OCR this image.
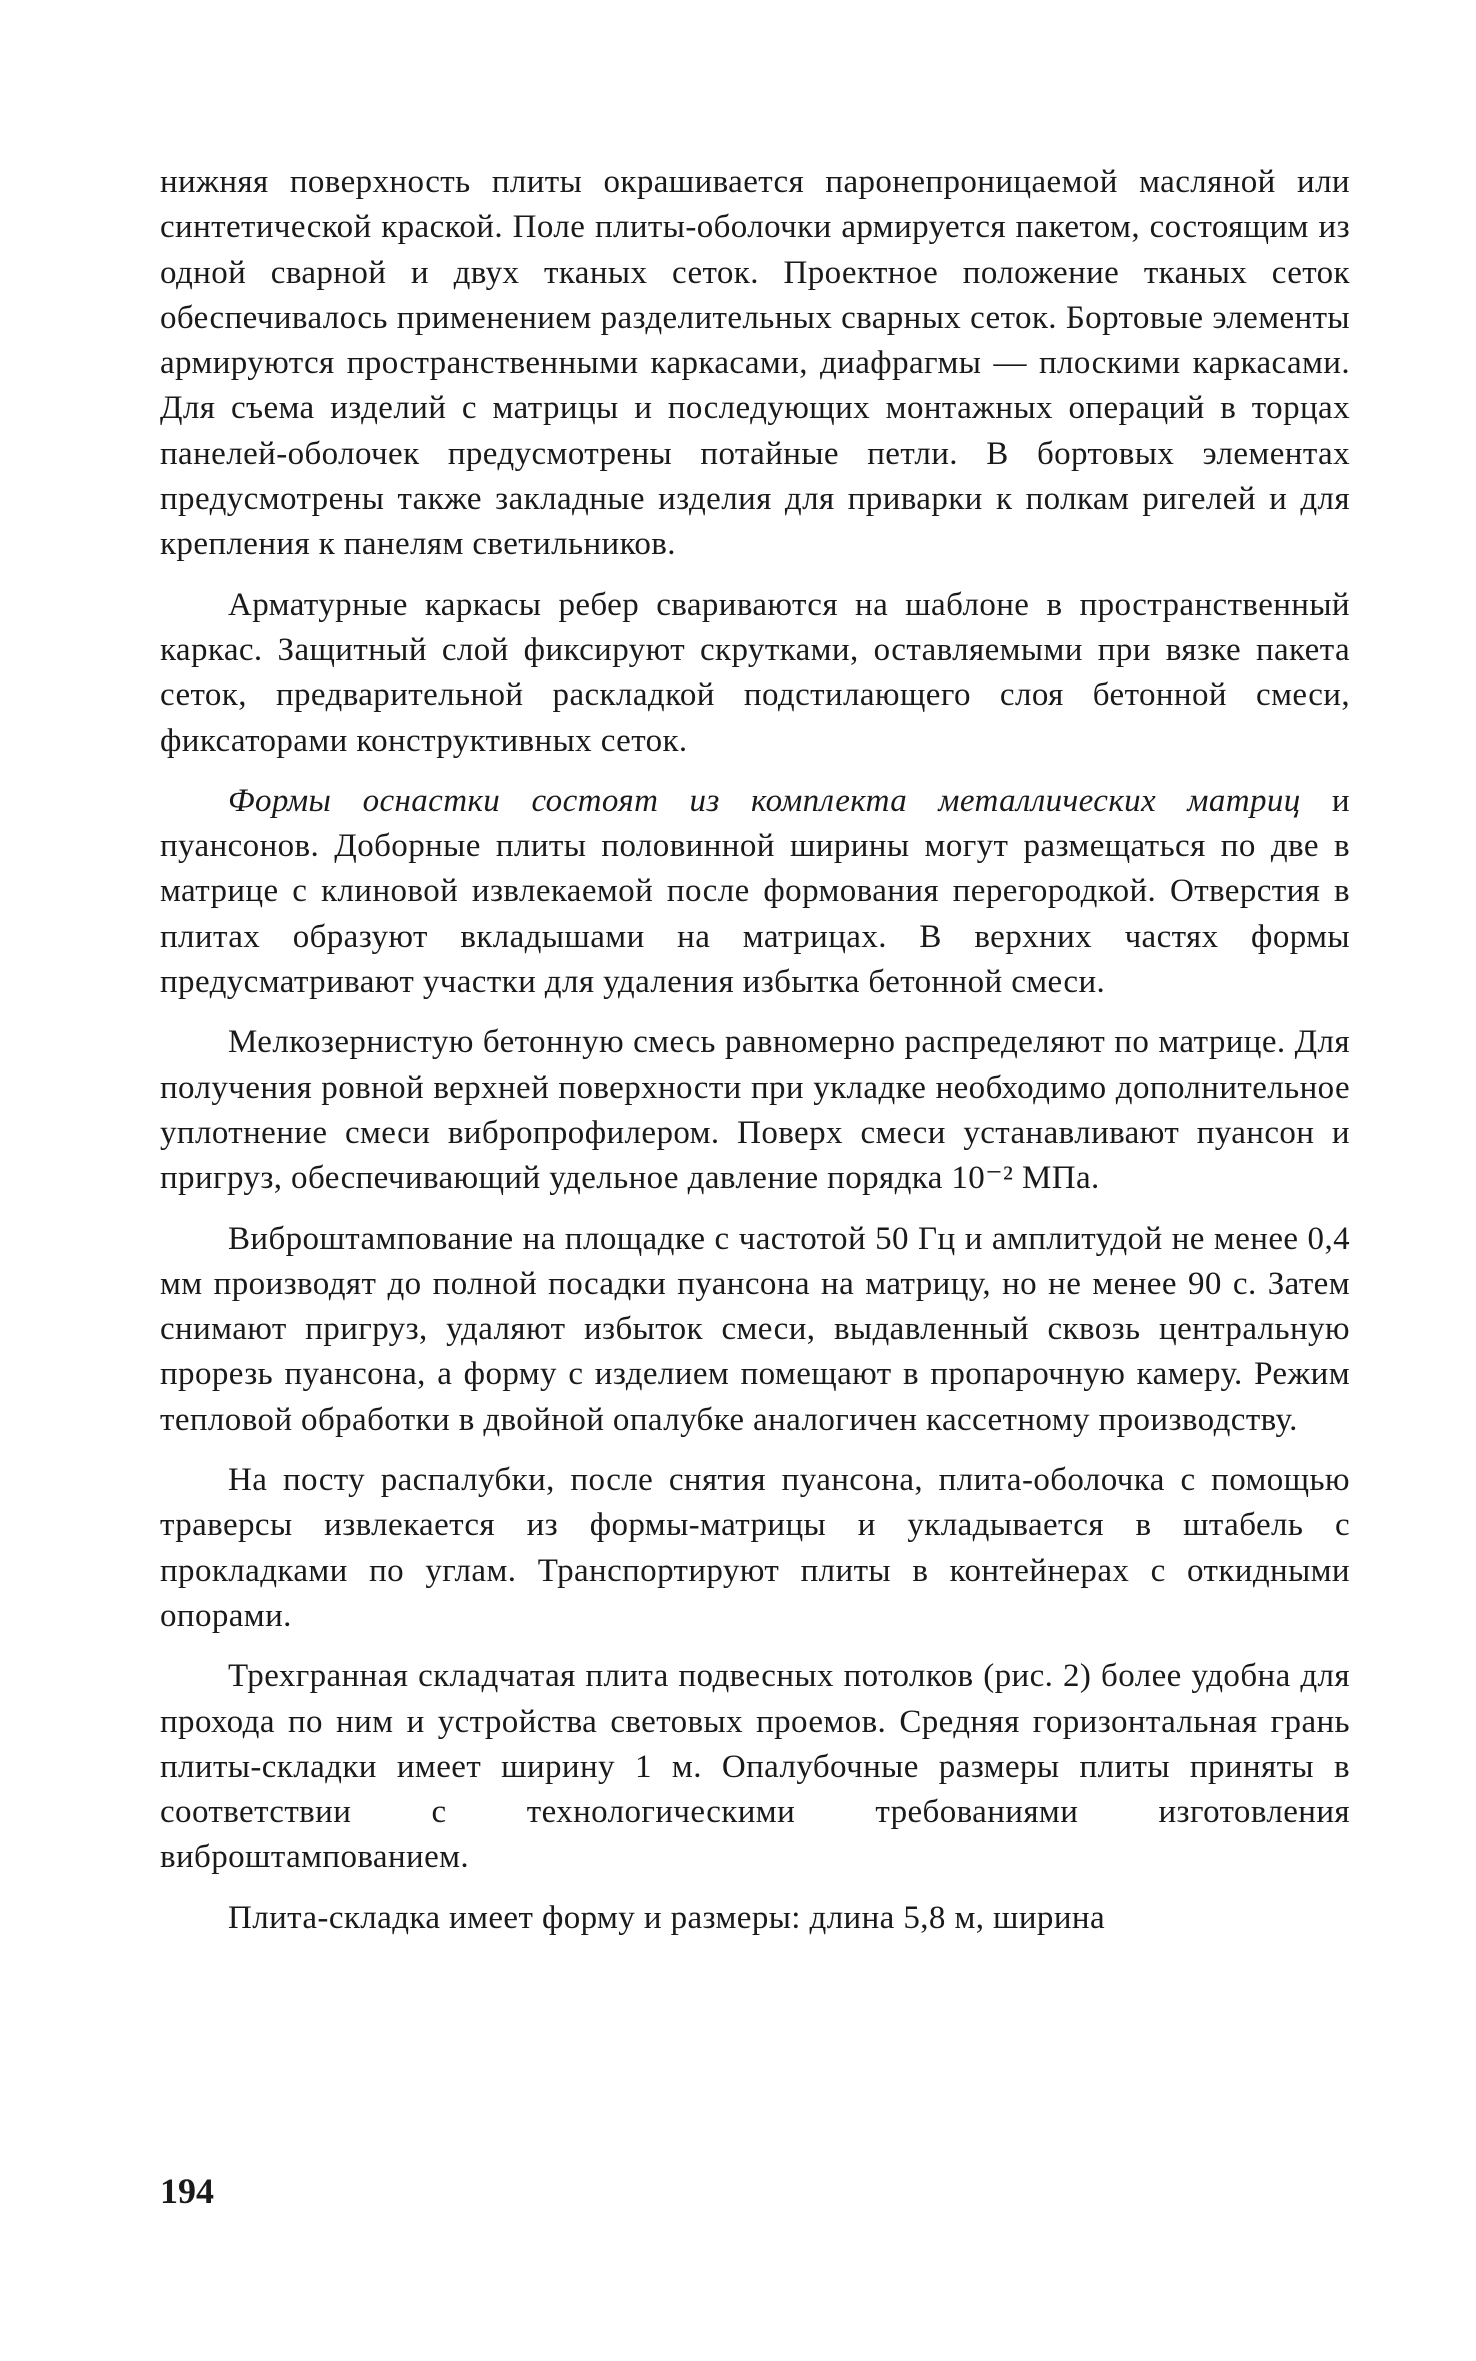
нижняя поверхность плиты окрашивается паронепроницаемой масляной или синтетической краской. Поле плиты-оболочки армируется пакетом, состоящим из одной сварной и двух тканых сеток. Проектное положение тканых сеток обеспечивалось применением разделительных сварных сеток. Бортовые элементы армируются пространственными каркасами, диафрагмы — плоскими каркасами. Для съема изделий с матрицы и последующих монтажных операций в торцах панелей-оболочек предусмотрены потайные петли. В бортовых элементах предусмотрены также закладные изделия для приварки к полкам ригелей и для крепления к панелям светильников.

Арматурные каркасы ребер свариваются на шаблоне в пространственный каркас. Защитный слой фиксируют скрутками, оставляемыми при вязке пакета сеток, предварительной раскладкой подстилающего слоя бетонной смеси, фиксаторами конструктивных сеток.

Формы оснастки состоят из комплекта металлических матриц и пуансонов. Доборные плиты половинной ширины могут размещаться по две в матрице с клиновой извлекаемой после формования перегородкой. Отверстия в плитах образуют вкладышами на матрицах. В верхних частях формы предусматривают участки для удаления избытка бетонной смеси.

Мелкозернистую бетонную смесь равномерно распределяют по матрице. Для получения ровной верхней поверхности при укладке необходимо дополнительное уплотнение смеси вибропрофилером. Поверх смеси устанавливают пуансон и пригруз, обеспечивающий удельное давление порядка 10⁻² МПа.

Виброштампование на площадке с частотой 50 Гц и амплитудой не менее 0,4 мм производят до полной посадки пуансона на матрицу, но не менее 90 с. Затем снимают пригруз, удаляют избыток смеси, выдавленный сквозь центральную прорезь пуансона, а форму с изделием помещают в пропарочную камеру. Режим тепловой обработки в двойной опалубке аналогичен кассетному производству.

На посту распалубки, после снятия пуансона, плита-оболочка с помощью траверсы извлекается из формы-матрицы и укладывается в штабель с прокладками по углам. Транспортируют плиты в контейнерах с откидными опорами.

Трехгранная складчатая плита подвесных потолков (рис. 2) более удобна для прохода по ним и устройства световых проемов. Средняя горизонтальная грань плиты-складки имеет ширину 1 м. Опалубочные размеры плиты приняты в соответствии с технологическими требованиями изготовления виброштампованием.

Плита-складка имеет форму и размеры: длина 5,8 м, ширина

194
